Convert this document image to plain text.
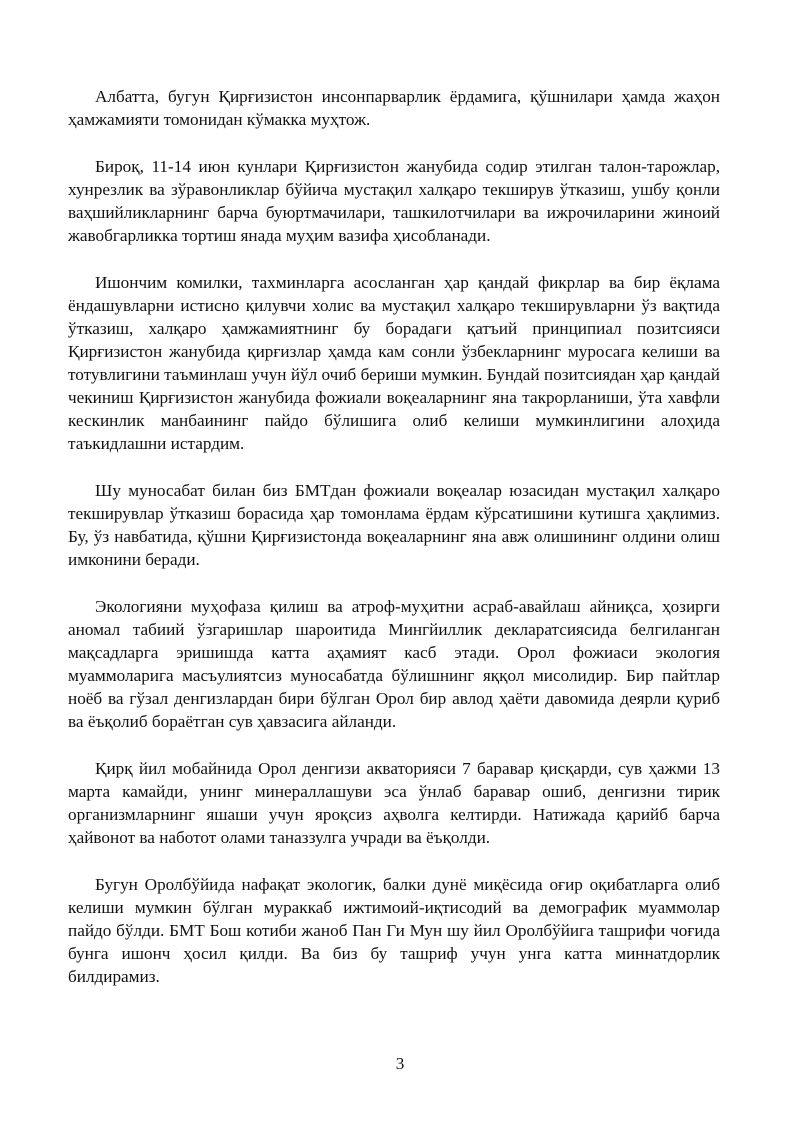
Албатта, бугун Қирғизистон инсонпарварлик ёрдамига, қўшнилари ҳамда жаҳон ҳамжамияти томонидан кўмакка муҳтож.

Бироқ, 11-14 июн кунлари Қирғизистон жанубида содир этилган талон-тарожлар, хунрезлик ва зўравонликлар бўйича мустақил халқаро текширув ўтказиш, ушбу қонли ваҳшийликларнинг барча буюртмачилари, ташкилотчилари ва ижрочиларини жиноий жавобгарликка тортиш янада муҳим вазифа ҳисобланади.

Ишончим комилки, тахминларга асосланган ҳар қандай фикрлар ва бир ёқлама ёндашувларни истисно қилувчи холис ва мустақил халқаро текширувларни ўз вақтида ўтказиш, халқаро ҳамжамиятнинг бу борадаги қатъий принципиал позитсияси Қирғизистон жанубида қирғизлар ҳамда кам сонли ўзбекларнинг муросага келиши ва тотувлигини таъминлаш учун йўл очиб бериши мумкин. Бундай позитсиядан ҳар қандай чекиниш Қирғизистон жанубида фожиали воқеаларнинг яна такрорланиши, ўта хавфли кескинлик манбаининг пайдо бўлишига олиб келиши мумкинлигини алоҳида таъкидлашни истардим.

Шу муносабат билан биз БМТдан фожиали воқеалар юзасидан мустақил халқаро текширувлар ўтказиш борасида ҳар томонлама ёрдам кўрсатишини кутишга ҳақлимиз. Бу, ўз навбатида, қўшни Қирғизистонда воқеаларнинг яна авж олишининг олдини олиш имконини беради.

Экологияни муҳофаза қилиш ва атроф-муҳитни асраб-авайлаш айниқса, ҳозирги аномал табиий ўзгаришлар шароитида Мингйиллик декларатсиясида белгиланган мақсадларга эришишда катта аҳамият касб этади. Орол фожиаси экология муаммоларига масъулиятсиз муносабатда бўлишнинг яққол мисолидир. Бир пайтлар ноёб ва гўзал денгизлардан бири бўлган Орол бир авлод ҳаёти давомида деярли қуриб ва ёъқолиб бораётган сув ҳавзасига айланди.

Қирқ йил мобайнида Орол денгизи акваторияси 7 баравар қисқарди, сув ҳажми 13 марта камайди, унинг минераллашуви эса ўнлаб баравар ошиб, денгизни тирик организмларнинг яшаши учун яроқсиз аҳволга келтирди. Натижада қарийб барча ҳайвонот ва наботот олами таназзулга учради ва ёъқолди.

Бугун Оролбўйида нафақат экологик, балки дунё миқёсида оғир оқибатларга олиб келиши мумкин бўлган мураккаб ижтимоий-иқтисодий ва демографик муаммолар пайдо бўлди. БМТ Бош котиби жаноб Пан Ги Мун шу йил Оролбўйига ташрифи чоғида бунга ишонч ҳосил қилди. Ва биз бу ташриф учун унга катта миннатдорлик билдирамиз.

3
